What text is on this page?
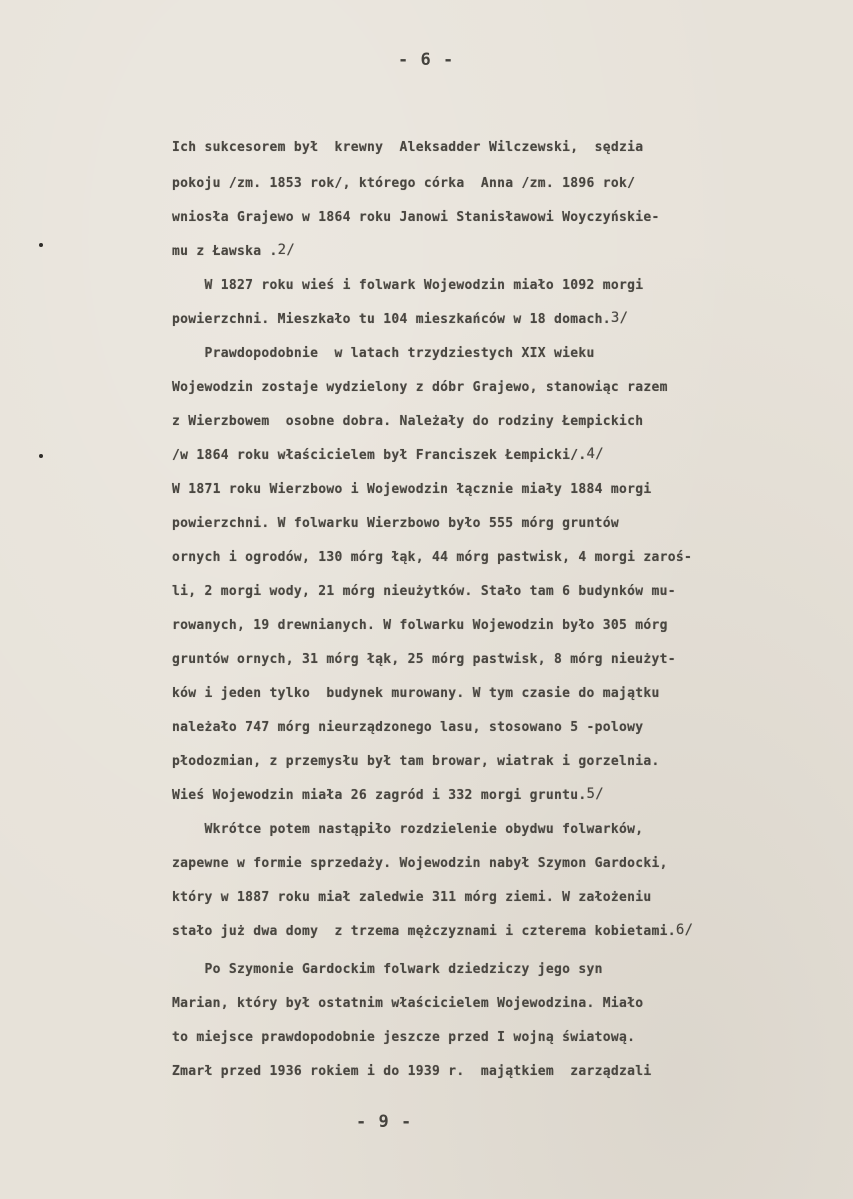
- 6 -
Ich sukcesorem był  krewny  Aleksadder Wilczewski,  sędzia
pokoju /zm. 1853 rok/, którego córka  Anna /zm. 1896 rok/
wniosła Grajewo w 1864 roku Janowi Stanisławowi Woyczyńskie-
mu z Ławska .$^{2/}$
W 1827 roku wieś i folwark Wojewodzin miało 1092 morgi
powierzchni. Mieszkało tu 104 mieszkańców w 18 domach.$^{3/}$
Prawdopodobnie  w latach trzydziestych XIX wieku
Wojewodzin zostaje wydzielony z dóbr Grajewo, stanowiąc razem
z Wierzbowem  osobne dobra. Należały do rodziny Łempickich
/w 1864 roku właścicielem był Franciszek Łempicki/.$^{4/}$
W 1871 roku Wierzbowo i Wojewodzin łącznie miały 1884 morgi
powierzchni. W folwarku Wierzbowo było 555 mórg gruntów
ornych i ogrodów, 130 mórg łąk, 44 mórg pastwisk, 4 morgi zaroś-
li, 2 morgi wody, 21 mórg nieużytków. Stało tam 6 budynków mu-
rowanych, 19 drewnianych. W folwarku Wojewodzin było 305 mórg
gruntów ornych, 31 mórg łąk, 25 mórg pastwisk, 8 mórg nieużyt-
ków i jeden tylko  budynek murowany. W tym czasie do majątku
należało 747 mórg nieurządzonego lasu, stosowano 5 -polowy
płodozmian, z przemysłu był tam browar, wiatrak i gorzelnia.
Wieś Wojewodzin miała 26 zagród i 332 morgi gruntu.$^{5/}$
Wkrótce potem nastąpiło rozdzielenie obydwu folwarków,
zapewne w formie sprzedaży. Wojewodzin nabył Szymon Gardocki,
który w 1887 roku miał zaledwie 311 mórg ziemi. W założeniu
stało już dwa domy  z trzema mężczyznami i czterema kobietami.$^{6/}$
Po Szymonie Gardockim folwark dziedziczy jego syn
Marian, który był ostatnim właścicielem Wojewodzina. Miało
to miejsce prawdopodobnie jeszcze przed I wojną światową.
Zmarł przed 1936 rokiem i do 1939 r.  majątkiem  zarządzali
- 9 -
